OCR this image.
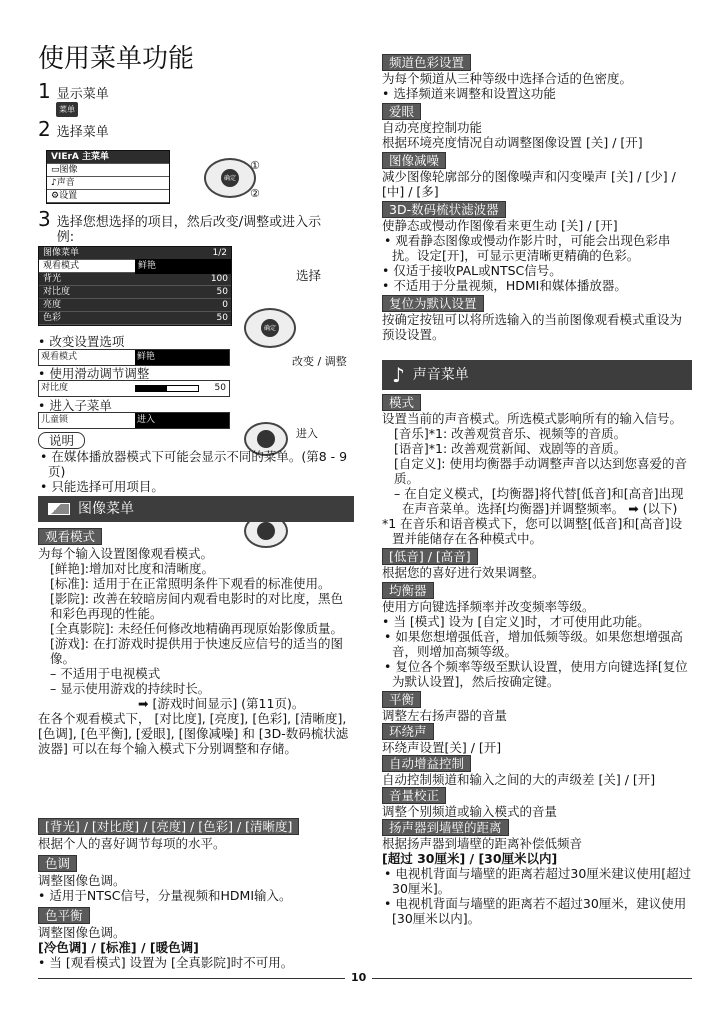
使用菜单功能
1 显示菜单
菜单
2 选择菜单
VIErA
主菜单
▭ 图像
♪ 声音
⚙ 设置
确定
①
②
3 选择您想选择的项目，然后改变/调整或进入示例:
图像菜单	1/2
观看模式	鲜艳
背光	100
对比度	50
亮度	0
色彩	50
确定
选择
• 改变设置选项
观看模式	鲜艳	改变 / 调整
• 使用滑动调节调整
对比度	50
• 进入子菜单
儿童锁	进入
进入
说明
• 在媒体播放器模式下可能会显示不同的菜单。(第8 - 9页)
• 只能选择可用项目。
图像菜单
观看模式
为每个输入设置图像观看模式。
[鲜艳]:增加对比度和清晰度。
[标准]: 适用于在正常照明条件下观看的标准使用。
[影院]: 改善在较暗房间内观看电影时的对比度，黑色和彩色再现的性能。
[全真影院]: 未经任何修改地精确再现原始影像质量。
[游戏]: 在打游戏时提供用于快速反应信号的适当的图像。
– 不适用于电视模式
– 显示使用游戏的持续时长。
➡ [游戏时间显示] (第11页)。
在各个观看模式下， [对比度], [亮度], [色彩], [清晰度], [色调], [色平衡], [爱眼], [图像减噪] 和 [3D-数码梳状滤波器] 可以在每个输入模式下分别调整和存储。
[背光] / [对比度] / [亮度] / [色彩] / [清晰度]
根据个人的喜好调节每项的水平。
色调
调整图像色调。
• 适用于NTSC信号，分量视频和HDMI输入。
色平衡
调整图像色调。
[冷色调] / [标准] / [暖色调]
• 当 [观看模式] 设置为 [全真影院]时不可用。
频道色彩设置
为每个频道从三种等级中选择合适的色密度。
• 选择频道来调整和设置这功能
爱眼
自动亮度控制功能
根据环境亮度情况自动调整图像设置 [关] / [开]
图像减噪
减少图像轮廓部分的图像噪声和闪变噪声 [关] / [少] / [中] / [多]
3D-数码梳状滤波器
使静态或慢动作图像看来更生动 [关] / [开]
• 观看静态图像或慢动作影片时，可能会出现色彩串扰。设定[开]，可显示更清晰更精确的色彩。
• 仅适于接收PAL或NTSC信号。
• 不适用于分量视频，HDMI和媒体播放器。
复位为默认设置
按确定按钮可以将所选输入的当前图像观看模式重设为预设设置。
♪ 声音菜单
模式
设置当前的声音模式。所选模式影响所有的输入信号。
[音乐]*1: 改善观赏音乐、视频等的音质。
[语音]*1: 改善观赏新闻、戏剧等的音质。
[自定义]: 使用均衡器手动调整声音以达到您喜爱的音质。
– 在自定义模式，[均衡器]将代替[低音]和[高音]出现在声音菜单。选择[均衡器]并调整频率。 ➡ (以下)
*1 在音乐和语音模式下，您可以调整[低音]和[高音]设置并能储存在各种模式中。
[低音] / [高音]
根据您的喜好进行效果调整。
均衡器
使用方向键选择频率并改变频率等级。
• 当 [模式] 设为 [自定义]时，才可使用此功能。
• 如果您想增强低音，增加低频等级。如果您想增强高音，则增加高频等级。
• 复位各个频率等级至默认设置，使用方向键选择[复位为默认设置]，然后按确定键。
平衡
调整左右扬声器的音量
环绕声
环绕声设置[关] / [开]
自动增益控制
自动控制频道和输入之间的大的声级差 [关] / [开]
音量校正
调整个别频道或输入模式的音量
扬声器到墙壁的距离
根据扬声器到墙壁的距离补偿低频音
[超过 30厘米] / [30厘米以内]
• 电视机背面与墙壁的距离若超过30厘米建议使用[超过30厘米]。
• 电视机背面与墙壁的距离若不超过30厘米，建议使用[30厘米以内]。
10
